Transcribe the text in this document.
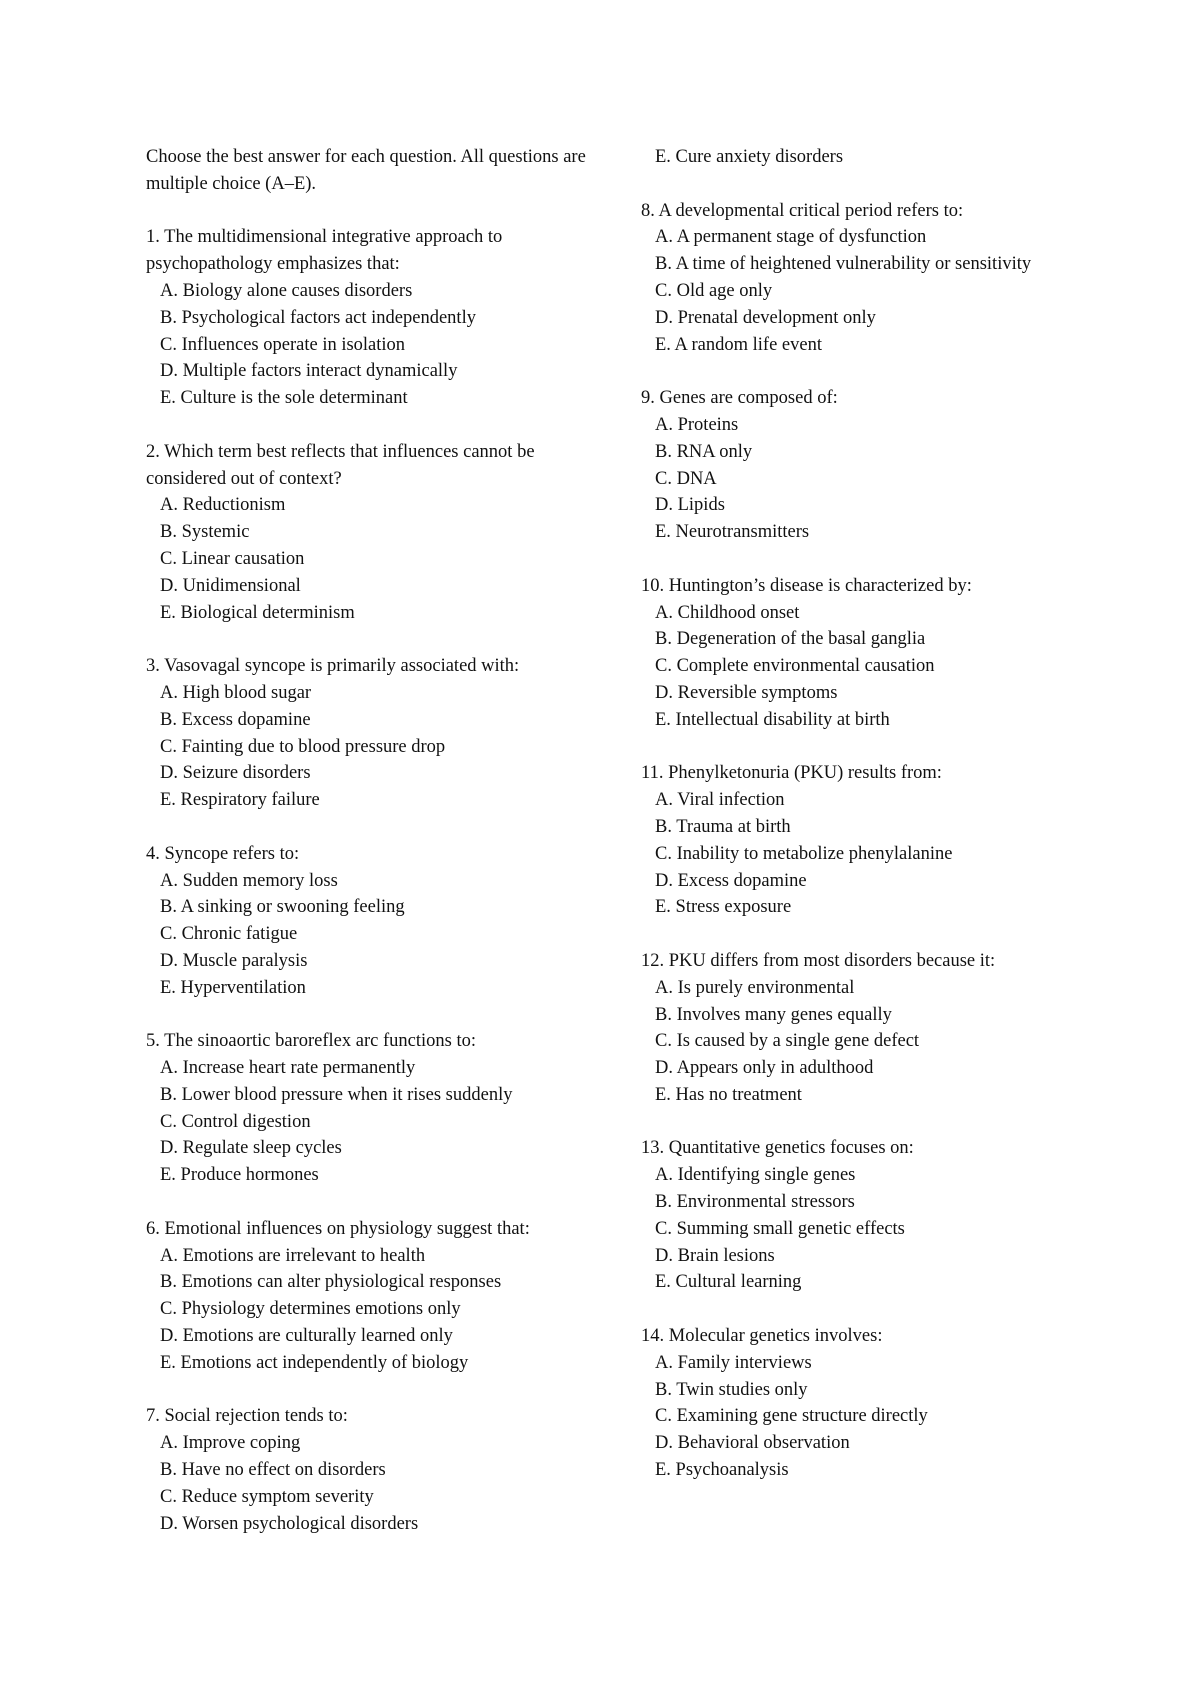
Choose the best answer for each question. All questions are multiple choice (A–E).

1. The multidimensional integrative approach to psychopathology emphasizes that:

A. Biology alone causes disorders

B. Psychological factors act independently

C. Influences operate in isolation

D. Multiple factors interact dynamically

E. Culture is the sole determinant

2. Which term best reflects that influences cannot be considered out of context?

A. Reductionism

B. Systemic

C. Linear causation

D. Unidimensional

E. Biological determinism

3. Vasovagal syncope is primarily associated with:

A. High blood sugar

B. Excess dopamine

C. Fainting due to blood pressure drop

D. Seizure disorders

E. Respiratory failure

4. Syncope refers to:

A. Sudden memory loss

B. A sinking or swooning feeling

C. Chronic fatigue

D. Muscle paralysis

E. Hyperventilation

5. The sinoaortic baroreflex arc functions to:

A. Increase heart rate permanently

B. Lower blood pressure when it rises suddenly

C. Control digestion

D. Regulate sleep cycles

E. Produce hormones

6. Emotional influences on physiology suggest that:

A. Emotions are irrelevant to health

B. Emotions can alter physiological responses

C. Physiology determines emotions only

D. Emotions are culturally learned only

E. Emotions act independently of biology

7. Social rejection tends to:

A. Improve coping

B. Have no effect on disorders

C. Reduce symptom severity

D. Worsen psychological disorders

E. Cure anxiety disorders

8. A developmental critical period refers to:

A. A permanent stage of dysfunction

B. A time of heightened vulnerability or sensitivity

C. Old age only

D. Prenatal development only

E. A random life event

9. Genes are composed of:

A. Proteins

B. RNA only

C. DNA

D. Lipids

E. Neurotransmitters

10. Huntington’s disease is characterized by:

A. Childhood onset

B. Degeneration of the basal ganglia

C. Complete environmental causation

D. Reversible symptoms

E. Intellectual disability at birth

11. Phenylketonuria (PKU) results from:

A. Viral infection

B. Trauma at birth

C. Inability to metabolize phenylalanine

D. Excess dopamine

E. Stress exposure

12. PKU differs from most disorders because it:

A. Is purely environmental

B. Involves many genes equally

C. Is caused by a single gene defect

D. Appears only in adulthood

E. Has no treatment

13. Quantitative genetics focuses on:

A. Identifying single genes

B. Environmental stressors

C. Summing small genetic effects

D. Brain lesions

E. Cultural learning

14. Molecular genetics involves:

A. Family interviews

B. Twin studies only

C. Examining gene structure directly

D. Behavioral observation

E. Psychoanalysis
